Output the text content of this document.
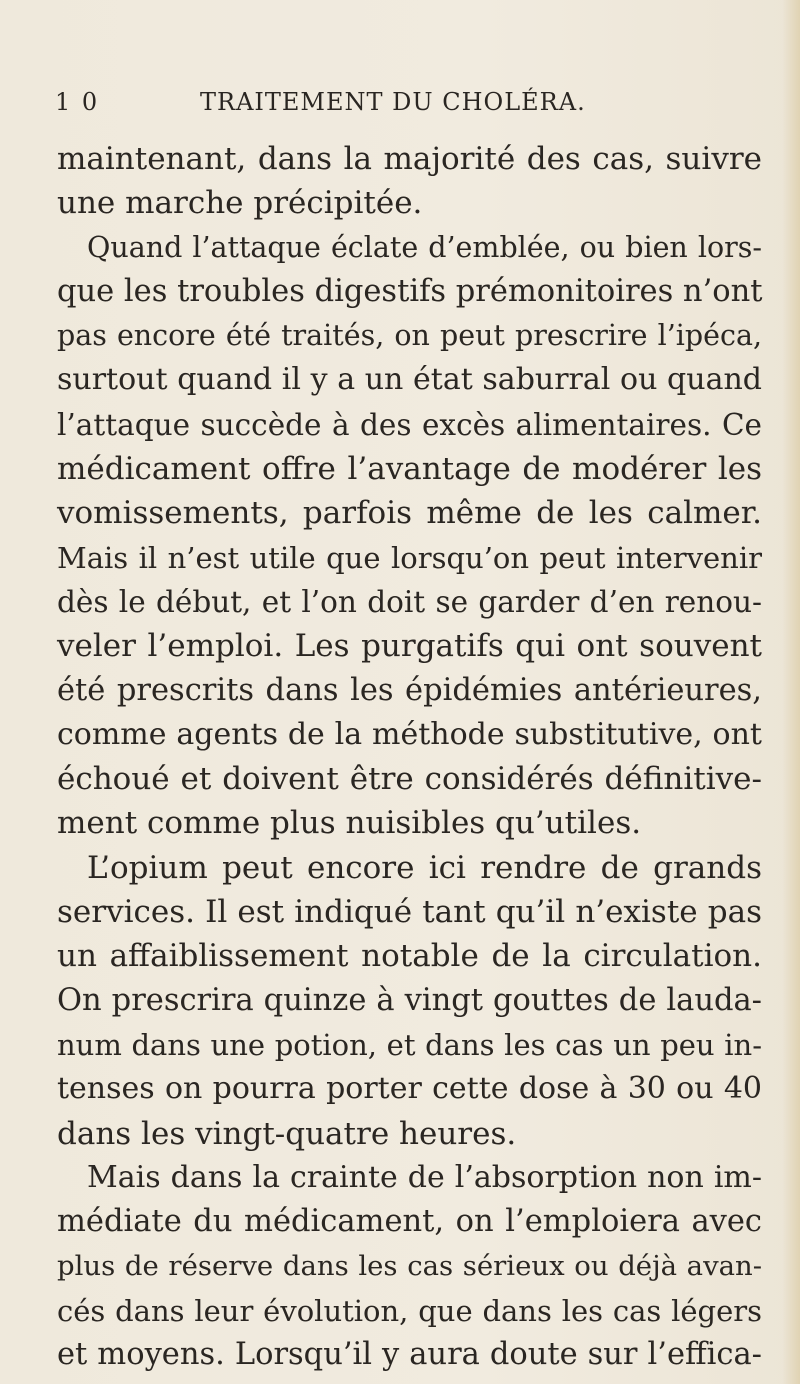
1 0	TRAITEMENT DU CHOLÉRA.
maintenant, dans la majorité des cas, suivre
une marche précipitée.
Quand l’attaque éclate d’emblée, ou bien lors-
que les troubles digestifs prémonitoires n’ont
pas encore été traités, on peut prescrire l’ipéca,
surtout quand il y a un état saburral ou quand
l’attaque succède à des excès alimentaires. Ce
médicament offre l’avantage de modérer les
vomissements, parfois même de les calmer.
Mais il n’est utile que lorsqu’on peut intervenir
dès le début, et l’on doit se garder d’en renou-
veler l’emploi. Les purgatifs qui ont souvent
été prescrits dans les épidémies antérieures,
comme agents de la méthode substitutive, ont
échoué et doivent être considérés définitive-
ment comme plus nuisibles qu’utiles.
L’opium peut encore ici rendre de grands
services. Il est indiqué tant qu’il n’existe pas
un affaiblissement notable de la circulation.
On prescrira quinze à vingt gouttes de lauda-
num dans une potion, et dans les cas un peu in-
tenses on pourra porter cette dose à 30 ou 40
dans les vingt-quatre heures.
Mais dans la crainte de l’absorption non im-
médiate du médicament, on l’emploiera avec
plus de réserve dans les cas sérieux ou déjà avan-
cés dans leur évolution, que dans les cas légers
et moyens. Lorsqu’il y aura doute sur l’effica-
